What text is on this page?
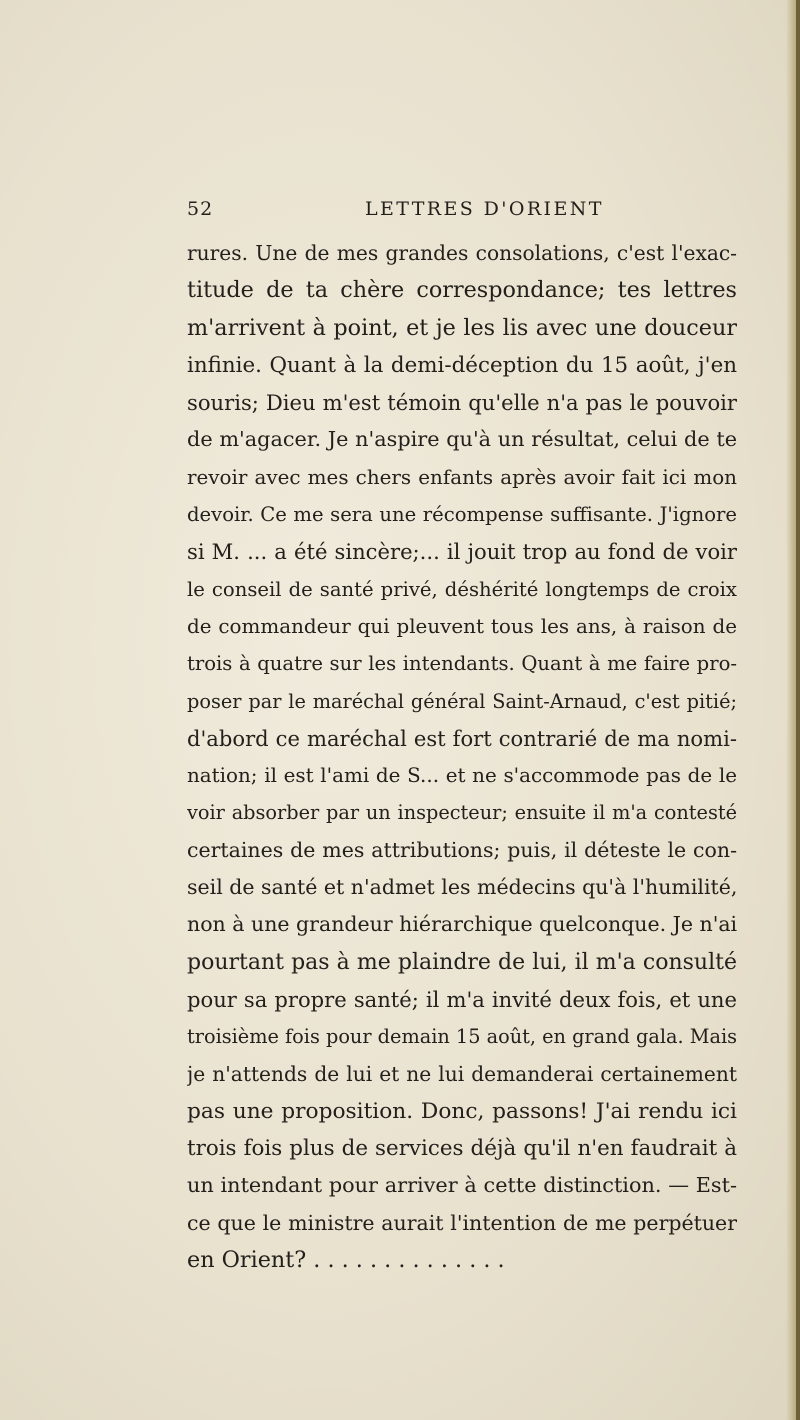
52	LETTRES D'ORIENT
rures. Une de mes grandes consolations, c'est l'exac-
titude de ta chère correspondance; tes lettres
m'arrivent à point, et je les lis avec une douceur
infinie. Quant à la demi-déception du 15 août, j'en
souris; Dieu m'est témoin qu'elle n'a pas le pouvoir
de m'agacer. Je n'aspire qu'à un résultat, celui de te
revoir avec mes chers enfants après avoir fait ici mon
devoir. Ce me sera une récompense suffisante. J'ignore
si M. ... a été sincère;... il jouit trop au fond de voir
le conseil de santé privé, déshérité longtemps de croix
de commandeur qui pleuvent tous les ans, à raison de
trois à quatre sur les intendants. Quant à me faire pro-
poser par le maréchal général Saint-Arnaud, c'est pitié;
d'abord ce maréchal est fort contrarié de ma nomi-
nation; il est l'ami de S... et ne s'accommode pas de le
voir absorber par un inspecteur; ensuite il m'a contesté
certaines de mes attributions; puis, il déteste le con-
seil de santé et n'admet les médecins qu'à l'humilité,
non à une grandeur hiérarchique quelconque. Je n'ai
pourtant pas à me plaindre de lui, il m'a consulté
pour sa propre santé; il m'a invité deux fois, et une
troisième fois pour demain 15 août, en grand gala. Mais
je n'attends de lui et ne lui demanderai certainement
pas une proposition. Donc, passons! J'ai rendu ici
trois fois plus de services déjà qu'il n'en faudrait à
un intendant pour arriver à cette distinction. — Est-
ce que le ministre aurait l'intention de me perpétuer
en Orient? . . . . . . . . . . . . . .
